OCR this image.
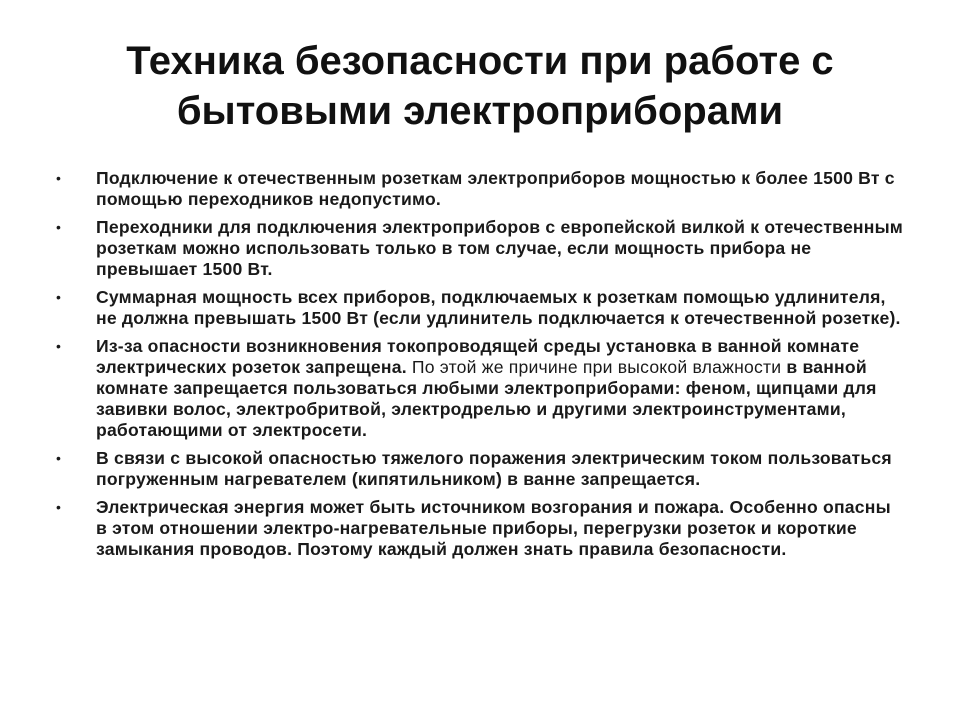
Техника безопасности при работе с
бытовыми электроприборами
• Подключение к отечественным розеткам электроприборов мощностью к более 1500 Вт с помощью переходников недопустимо.
• Переходники для подключения электроприборов с европейской вилкой к отечественным розеткам можно использовать только в том случае, если мощность прибора не превышает 1500 Вт.
• Суммарная мощность всех приборов, подключаемых к розеткам помощью удлинителя, не должна превышать 1500 Вт (если удлинитель подключается к отечественной розетке).
• Из-за опасности возникновения токопроводящей среды установка в ванной комнате электрических розеток запрещена. По этой же причине при высокой влажности в ванной комнате запрещается пользоваться любыми электроприборами: феном, щипцами для завивки волос, электробритвой, электродрелью и другими электроинструментами, работающими от электросети.
• В связи с высокой опасностью тяжелого поражения электрическим током пользоваться погруженным нагревателем (кипятильником) в ванне запрещается.
• Электрическая энергия может быть источником возгорания и пожара. Особенно опасны в этом отношении электро-нагревательные приборы, перегрузки розеток и короткие замыкания проводов. Поэтому каждый должен знать правила безопасности.
